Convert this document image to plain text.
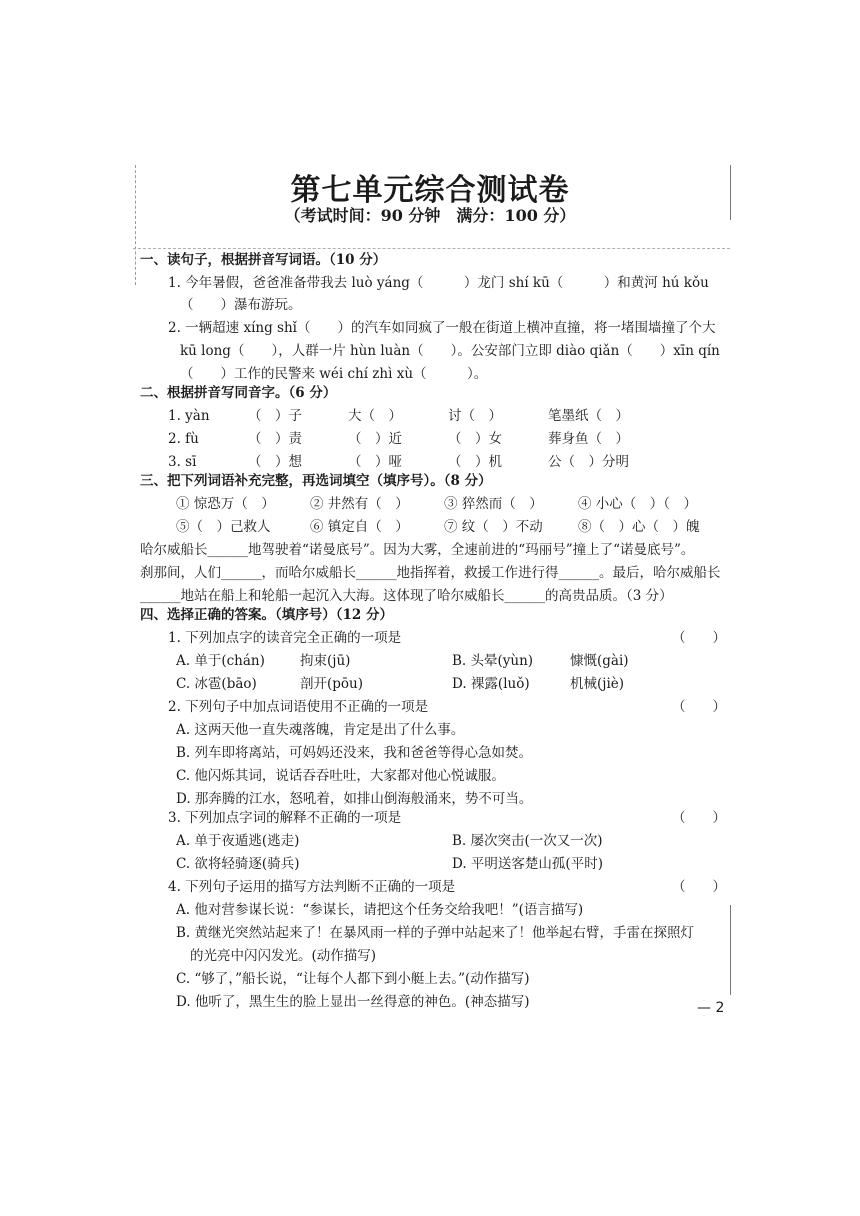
第七单元综合测试卷
（考试时间：90 分钟　满分：100 分）
一、读句子，根据拼音写词语。（10 分）
1. 今年暑假，爸爸准备带我去 luò yáng（　　　）龙门 shí kū（　　　）和黄河 hú kǒu
（　　）瀑布游玩。
2. 一辆超速 xíng shǐ（　　）的汽车如同疯了一般在街道上横冲直撞，将一堵围墙撞了个大
kū long（　　），人群一片 hùn luàn（　　）。公安部门立即 diào qiǎn（　　）xīn qín
（　　）工作的民警来 wéi chí zhì xù（　　　）。
二、根据拼音写同音字。（6 分）
1. yàn	（　）子	大（　）	讨（　）	笔墨纸（　）
2. fù	（　）责	（　）近	（　）女	葬身鱼（　）
3. sī	（　）想	（　）哑	（　）机	公（　）分明
三、把下列词语补充完整，再选词填空（填序号）。（8 分）
① 惊恐万（　）	② 井然有（　）	③ 猝然而（　）	④ 小心（　）（　）
⑤（　）己救人	⑥ 镇定自（　）	⑦ 纹（　）不动	⑧（　）心（　）魄
哈尔威船长______地驾驶着“诺曼底号”。因为大雾，全速前进的“玛丽号”撞上了“诺曼底号”。
刹那间，人们______，而哈尔威船长______地指挥着，救援工作进行得______。最后，哈尔威船长
______地站在船上和轮船一起沉入大海。这体现了哈尔威船长______的高贵品质。（3 分）
四、选择正确的答案。（填序号）（12 分）
1. 下列加点字的读音完全正确的一项是	（　　）
A. 单于(chán)	拘束(jū)	B. 头晕(yùn)	慷慨(gài)
C. 冰雹(bāo)	剖开(pōu)	D. 裸露(luǒ)	机械(jiè)
2. 下列句子中加点词语使用不正确的一项是	（　　）
A. 这两天他一直失魂落魄，肯定是出了什么事。
B. 列车即将离站，可妈妈还没来，我和爸爸等得心急如焚。
C. 他闪烁其词，说话吞吞吐吐，大家都对他心悦诚服。
D. 那奔腾的江水，怒吼着，如排山倒海般涌来，势不可当。
3. 下列加点字词的解释不正确的一项是	（　　）
A. 单于夜遁逃(逃走)	B. 屡次突击(一次又一次)
C. 欲将轻骑逐(骑兵)	D. 平明送客楚山孤(平时)
4. 下列句子运用的描写方法判断不正确的一项是	（　　）
A. 他对营参谋长说：“参谋长，请把这个任务交给我吧！”(语言描写)
B. 黄继光突然站起来了！在暴风雨一样的子弹中站起来了！他举起右臂，手雷在探照灯
的光亮中闪闪发光。(动作描写)
C. “够了，”船长说，“让每个人都下到小艇上去。”(动作描写)
D. 他听了，黑生生的脸上显出一丝得意的神色。(神态描写)	— 2
